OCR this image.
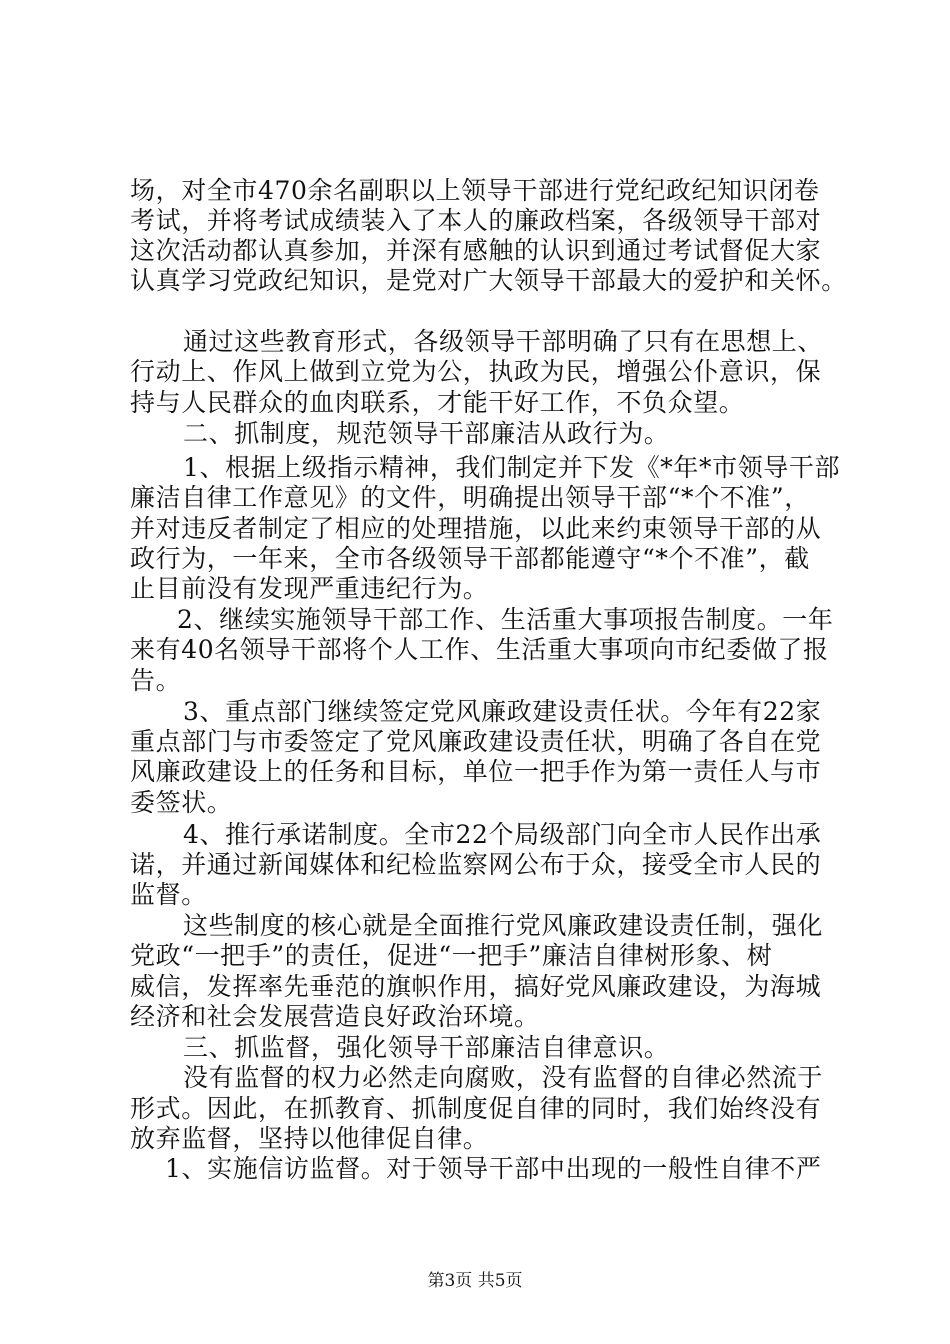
场，对全市470余名副职以上领导干部进行党纪政纪知识闭卷
考试，并将考试成绩装入了本人的廉政档案，各级领导干部对
这次活动都认真参加，并深有感触的认识到通过考试督促大家
认真学习党政纪知识，是党对广大领导干部最大的爱护和关怀。
通过这些教育形式，各级领导干部明确了只有在思想上、
行动上、作风上做到立党为公，执政为民，增强公仆意识，保
持与人民群众的血肉联系，才能干好工作，不负众望。
二、抓制度，规范领导干部廉洁从政行为。
1、根据上级指示精神，我们制定并下发《*年*市领导干部
廉洁自律工作意见》的文件，明确提出领导干部“*个不准”，
并对违反者制定了相应的处理措施，以此来约束领导干部的从
政行为，一年来，全市各级领导干部都能遵守“*个不准”，截
止目前没有发现严重违纪行为。
2、继续实施领导干部工作、生活重大事项报告制度。一年
来有40名领导干部将个人工作、生活重大事项向市纪委做了报
告。
3、重点部门继续签定党风廉政建设责任状。今年有22家
重点部门与市委签定了党风廉政建设责任状，明确了各自在党
风廉政建设上的任务和目标，单位一把手作为第一责任人与市
委签状。
4、推行承诺制度。全市22个局级部门向全市人民作出承
诺，并通过新闻媒体和纪检监察网公布于众，接受全市人民的
监督。
这些制度的核心就是全面推行党风廉政建设责任制，强化
党政“一把手”的责任，促进“一把手”廉洁自律树形象、树
威信，发挥率先垂范的旗帜作用，搞好党风廉政建设，为海城
经济和社会发展营造良好政治环境。
三、抓监督，强化领导干部廉洁自律意识。
没有监督的权力必然走向腐败，没有监督的自律必然流于
形式。因此，在抓教育、抓制度促自律的同时，我们始终没有
放弃监督，坚持以他律促自律。
1、实施信访监督。对于领导干部中出现的一般性自律不严
第3页 共5页
